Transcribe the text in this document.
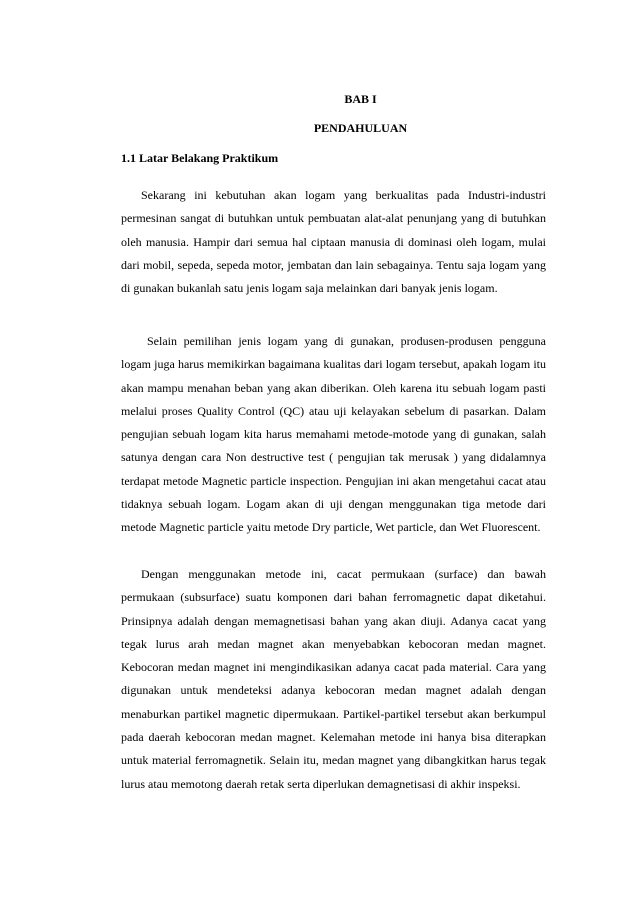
BAB I
PENDAHULUAN
1.1 Latar Belakang Praktikum

Sekarang ini kebutuhan akan logam yang berkualitas pada Industri-industri permesinan sangat di butuhkan untuk pembuatan alat-alat penunjang yang di butuhkan oleh manusia. Hampir dari semua hal ciptaan manusia di dominasi oleh logam, mulai dari mobil, sepeda, sepeda motor, jembatan dan lain sebagainya. Tentu saja logam yang di gunakan bukanlah satu jenis logam saja melainkan dari banyak jenis logam.

Selain pemilihan jenis logam yang di gunakan, produsen-produsen pengguna logam juga harus memikirkan bagaimana kualitas dari logam tersebut, apakah logam itu akan mampu menahan beban yang akan diberikan. Oleh karena itu sebuah logam pasti melalui proses Quality Control (QC) atau uji kelayakan sebelum di pasarkan. Dalam pengujian sebuah logam kita harus memahami metode-motode yang di gunakan, salah satunya dengan cara Non destructive test ( pengujian tak merusak ) yang didalamnya terdapat metode Magnetic particle inspection. Pengujian ini akan mengetahui cacat atau tidaknya sebuah logam. Logam akan di uji dengan menggunakan tiga metode dari metode Magnetic particle yaitu metode Dry particle, Wet particle, dan Wet Fluorescent.

Dengan menggunakan metode ini, cacat permukaan (surface) dan bawah permukaan (subsurface) suatu komponen dari bahan ferromagnetic dapat diketahui. Prinsipnya adalah dengan memagnetisasi bahan yang akan diuji. Adanya cacat yang tegak lurus arah medan magnet akan menyebabkan kebocoran medan magnet. Kebocoran medan magnet ini mengindikasikan adanya cacat pada material. Cara yang digunakan untuk mendeteksi adanya kebocoran medan magnet adalah dengan menaburkan partikel magnetic dipermukaan. Partikel-partikel tersebut akan berkumpul pada daerah kebocoran medan magnet. Kelemahan metode ini hanya bisa diterapkan untuk material ferromagnetik. Selain itu, medan magnet yang dibangkitkan harus tegak lurus atau memotong daerah retak serta diperlukan demagnetisasi di akhir inspeksi.
